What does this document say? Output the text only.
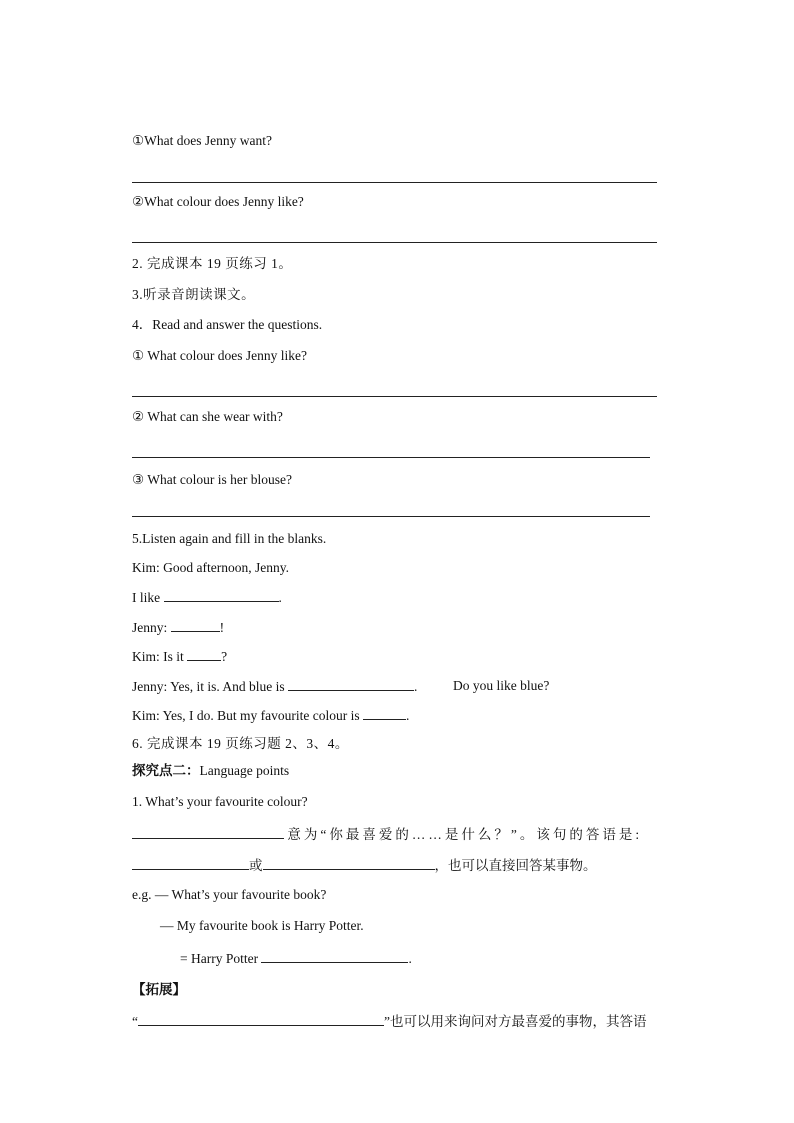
①What does Jenny want?
②What colour does Jenny like?
2. 完成课本 19 页练习 1。
3.听录音朗读课文。
4．Read and answer the questions.
① What colour does Jenny like?
② What can she wear with?
③ What colour is her blouse?
5.Listen again and fill in the blanks.
Kim: Good afternoon, Jenny.
I like	.
Jenny:	!
Kim: Is it	?
Jenny: Yes, it is. And blue is	.	Do you like blue?
Kim: Yes, I do. But my favourite colour is	.
6. 完成课本 19 页练习题 2、3、4。
探究点二：Language points
1. What’s your favourite colour?
意为“你最喜爱的……是什么？”。该句的答语是:
或	，也可以直接回答某事物。
e.g. — What’s your favourite book?
— My favourite book is Harry Potter.
= Harry Potter	.
【拓展】
“	”也可以用来询问对方最喜爱的事物，其答语
